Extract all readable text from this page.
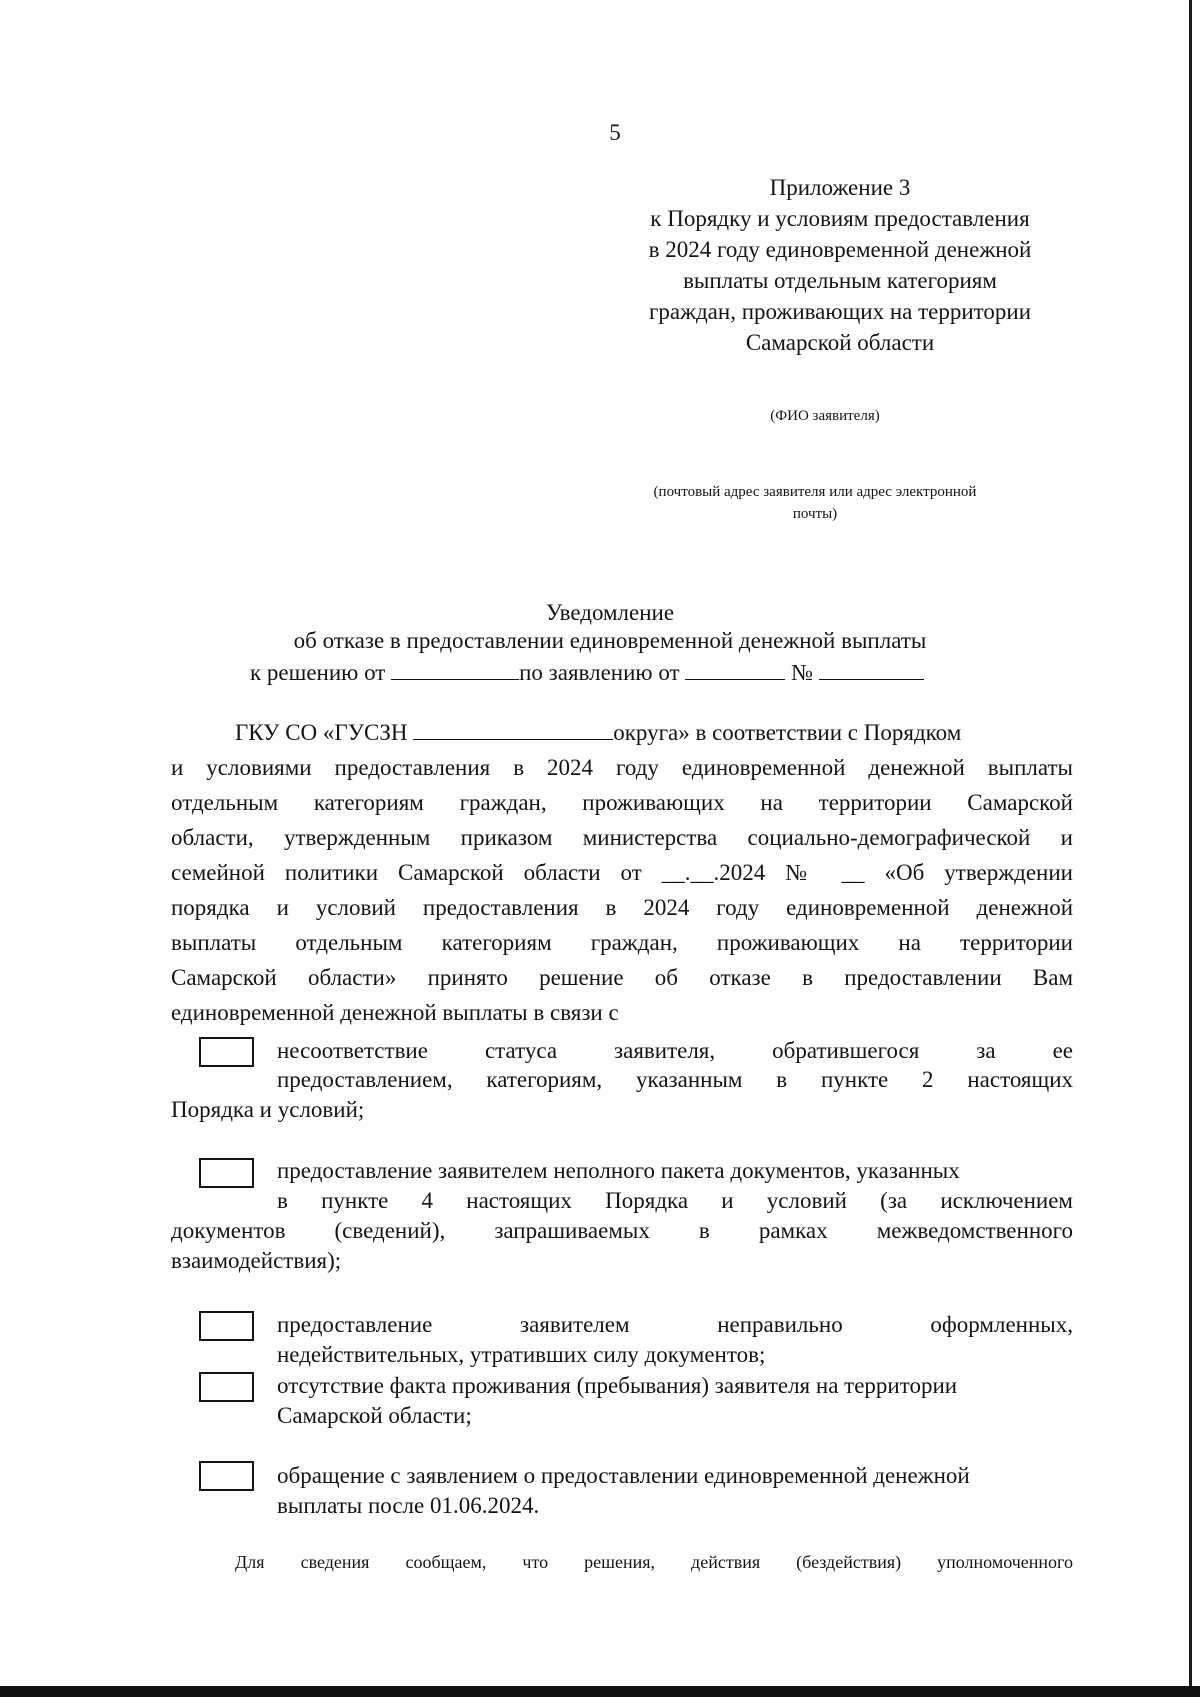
5
Приложение 3
к Порядку и условиям предоставления
в 2024 году единовременной денежной
выплаты отдельным категориям
граждан, проживающих на территории
Самарской области
(ФИО заявителя)
(почтовый адрес заявителя или адрес электронной
почты)
Уведомление
об отказе в предоставлении единовременной денежной выплаты
к решению от	по заявлению от	№
ГКУ СО «ГУСЗН	округа» в соответствии с Порядком
и условиями предоставления в 2024 году единовременной денежной выплаты
отдельным категориям граждан, проживающих на территории Самарской
области, утвержденным приказом министерства социально-демографической и
семейной политики Самарской области от __.__.2024 № __ «Об утверждении
порядка и условий предоставления в 2024 году единовременной денежной
выплаты отдельным категориям граждан, проживающих на территории
Самарской области» принято решение об отказе в предоставлении Вам
единовременной денежной выплаты в связи с
несоответствие статуса заявителя, обратившегося за ее
предоставлением, категориям, указанным в пункте 2 настоящих
Порядка и условий;
предоставление заявителем неполного пакета документов, указанных
в пункте 4 настоящих Порядка и условий (за исключением
документов (сведений), запрашиваемых в рамках межведомственного
взаимодействия);
предоставление заявителем неправильно оформленных,
недействительных, утративших силу документов;
отсутствие факта проживания (пребывания) заявителя на территории
Самарской области;
обращение с заявлением о предоставлении единовременной денежной
выплаты после 01.06.2024.
Для сведения сообщаем, что решения, действия (бездействия) уполномоченного
